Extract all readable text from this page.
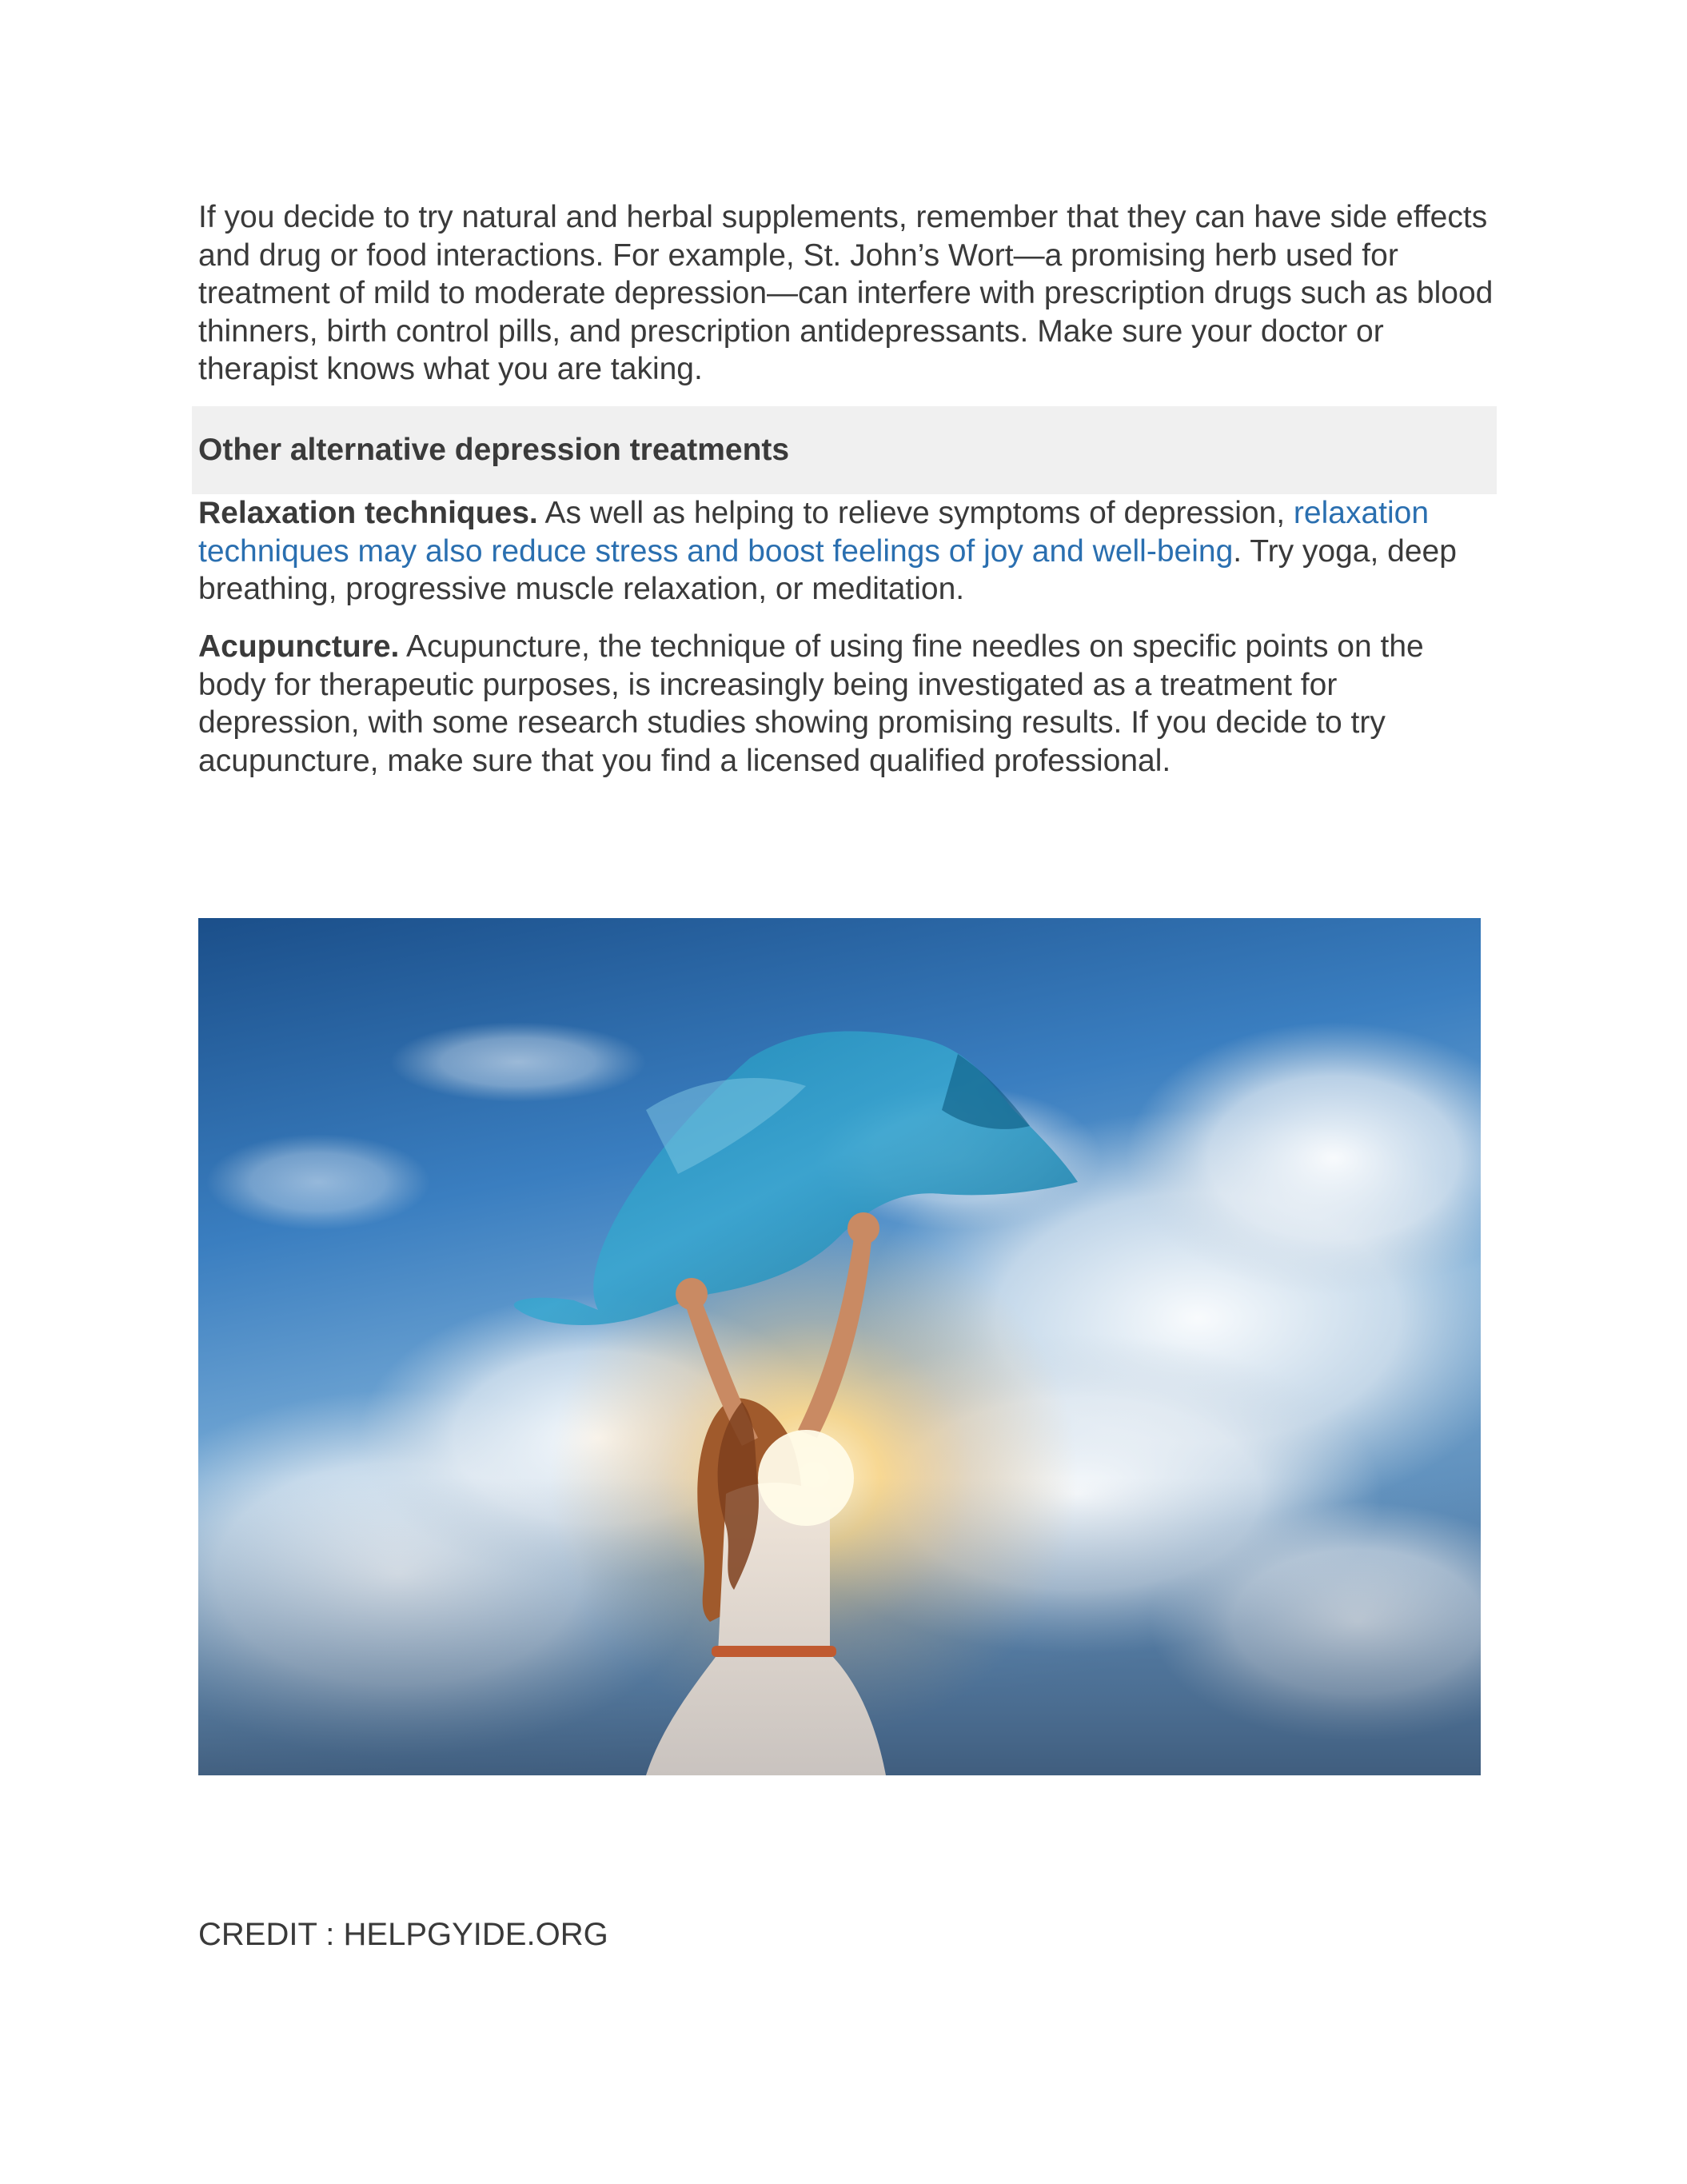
If you decide to try natural and herbal supplements, remember that they can have side effects and drug or food interactions. For example, St. John’s Wort—a promising herb used for treatment of mild to moderate depression—can interfere with prescription drugs such as blood thinners, birth control pills, and prescription antidepressants. Make sure your doctor or therapist knows what you are taking.

Other alternative depression treatments

Relaxation techniques. As well as helping to relieve symptoms of depression, relaxation techniques may also reduce stress and boost feelings of joy and well-being. Try yoga, deep breathing, progressive muscle relaxation, or meditation.

Acupuncture. Acupuncture, the technique of using fine needles on specific points on the body for therapeutic purposes, is increasingly being investigated as a treatment for depression, with some research studies showing promising results. If you decide to try acupuncture, make sure that you find a licensed qualified professional.

CREDIT : HELPGYIDE.ORG
